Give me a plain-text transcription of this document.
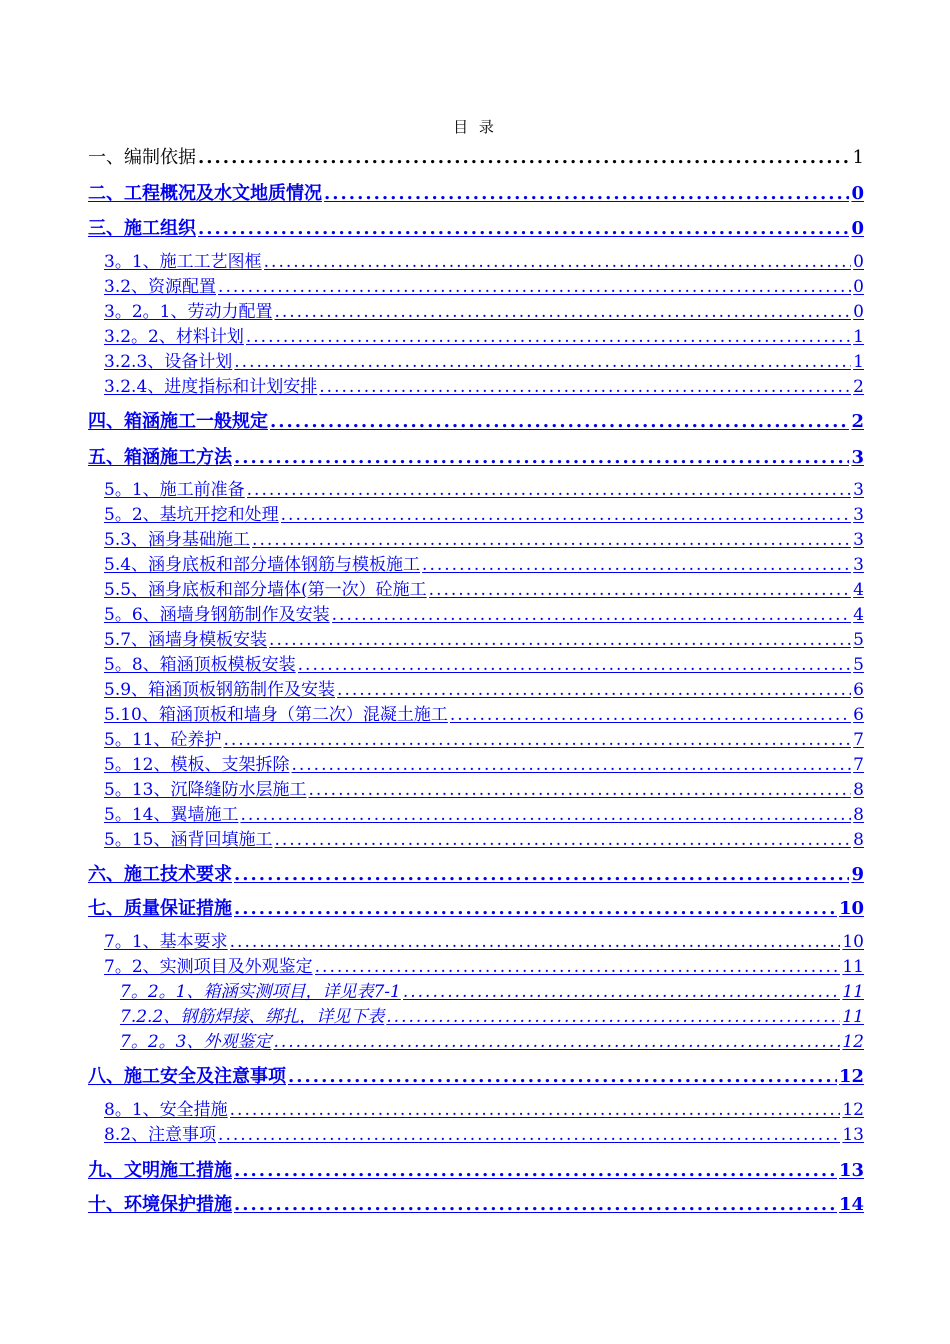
目 录
一、编制依据 .....	1
二、工程概况及水文地质情况 .....	0
三、施工组织 .....	0
3。1、施工工艺图框 .....	0
3.2、资源配置 .....	0
3。2。1、劳动力配置 .....	0
3.2。2、材料计划 .....	1
3.2.3、设备计划 .....	1
3.2.4、进度指标和计划安排 .....	2
四、箱涵施工一般规定 .....	2
五、箱涵施工方法 .....	3
5。1、施工前准备 .....	3
5。2、基坑开挖和处理 .....	3
5.3、涵身基础施工 .....	3
5.4、涵身底板和部分墙体钢筋与模板施工 .....	3
5.5、涵身底板和部分墙体(第一次）砼施工 .....	4
5。6、涵墙身钢筋制作及安装 .....	4
5.7、涵墙身模板安装 .....	5
5。8、箱涵顶板模板安装 .....	5
5.9、箱涵顶板钢筋制作及安装 .....	6
5.10、箱涵顶板和墙身（第二次）混凝土施工 .....	6
5。11、砼养护 .....	7
5。12、模板、支架拆除 .....	7
5。13、沉降缝防水层施工 .....	8
5。14、翼墙施工 .....	8
5。15、涵背回填施工 .....	8
六、施工技术要求 .....	9
七、质量保证措施 .....	10
7。1、基本要求 .....	10
7。2、实测项目及外观鉴定 .....	11
7。2。1、箱涵实测项目，详见表7-1 .....	11
7.2.2、钢筋焊接、绑扎，详见下表 .....	11
7。2。3、外观鉴定 .....	12
八、施工安全及注意事项 .....	12
8。1、安全措施 .....	12
8.2、注意事项 .....	13
九、文明施工措施 .....	13
十、环境保护措施 .....	14
